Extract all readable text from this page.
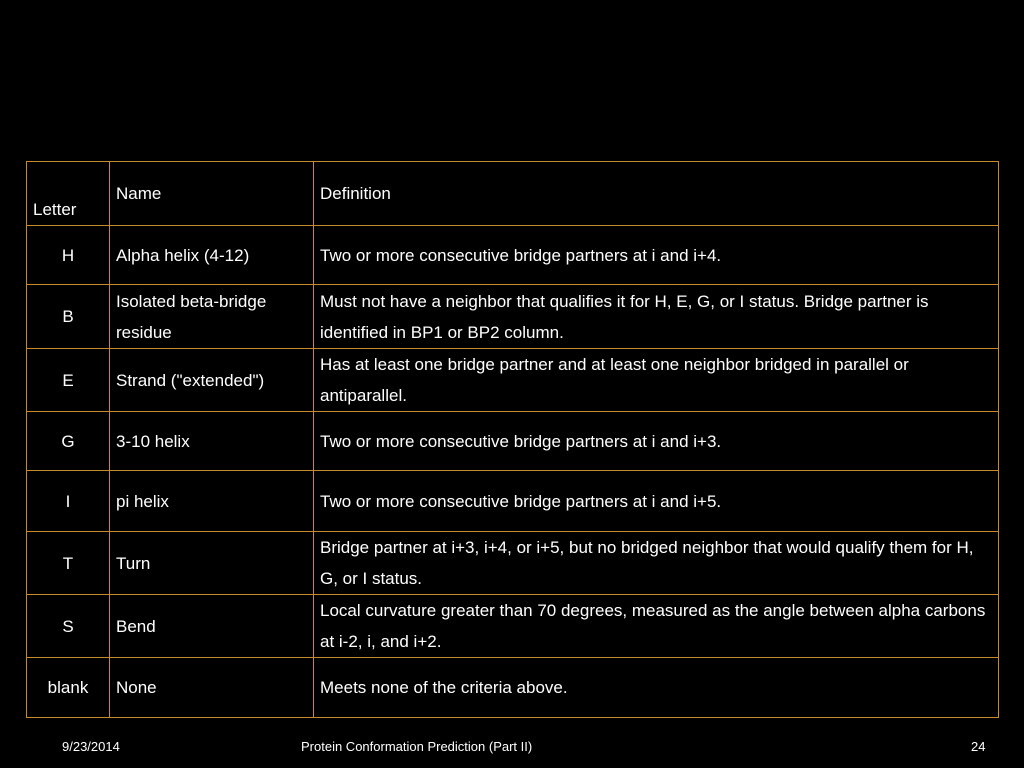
Letter	Name	Definition
H	Alpha helix (4-12)	Two or more consecutive bridge partners at i and i+4.
B	Isolated beta-bridge residue	Must not have a neighbor that qualifies it for H, E, G, or I status. Bridge partner is identified in BP1 or BP2 column.
E	Strand ("extended")	Has at least one bridge partner and at least one neighbor bridged in parallel or antiparallel.
G	3-10 helix	Two or more consecutive bridge partners at i and i+3.
I	pi helix	Two or more consecutive bridge partners at i and i+5.
T	Turn	Bridge partner at i+3, i+4, or i+5, but no bridged neighbor that would qualify them for H, G, or I status.
S	Bend	Local curvature greater than 70 degrees, measured as the angle between alpha carbons at i-2, i, and i+2.
blank	None	Meets none of the criteria above.
9/23/2014	Protein Conformation Prediction (Part II)	24
